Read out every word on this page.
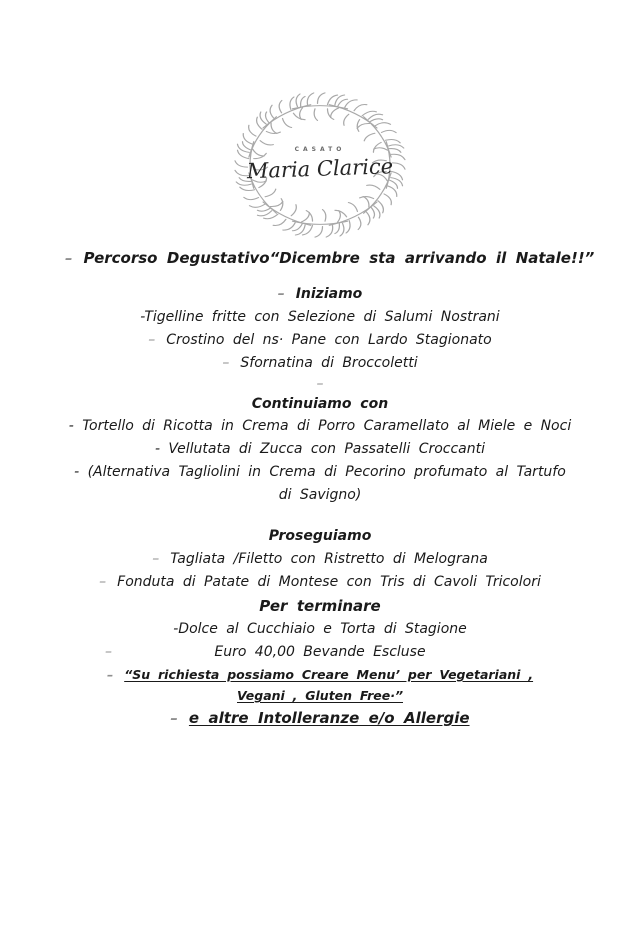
CASATO
Maria Clarice
– Percorso Degustativo“Dicembre sta arrivando il Natale!!”
– Iniziamo
-Tigelline fritte con Selezione di Salumi Nostrani
– Crostino del ns· Pane con Lardo Stagionato
– Sfornatina di Broccoletti
–
Continuiamo con
- Tortello di Ricotta in Crema di Porro Caramellato al Miele e Noci
- Vellutata di Zucca con Passatelli Croccanti
- (Alternativa Tagliolini in Crema di Pecorino profumato al Tartufo di Savigno)
Proseguiamo
– Tagliata /Filetto con Ristretto di Melograna
– Fonduta di Patate di Montese con Tris di Cavoli Tricolori
Per terminare
-Dolce al Cucchiaio e Torta di Stagione
–	Euro 40,00 Bevande Escluse
– “Su richiesta possiamo Creare Menu’ per Vegetariani , Vegani , Gluten Free·”
– e altre Intolleranze e/o Allergie
